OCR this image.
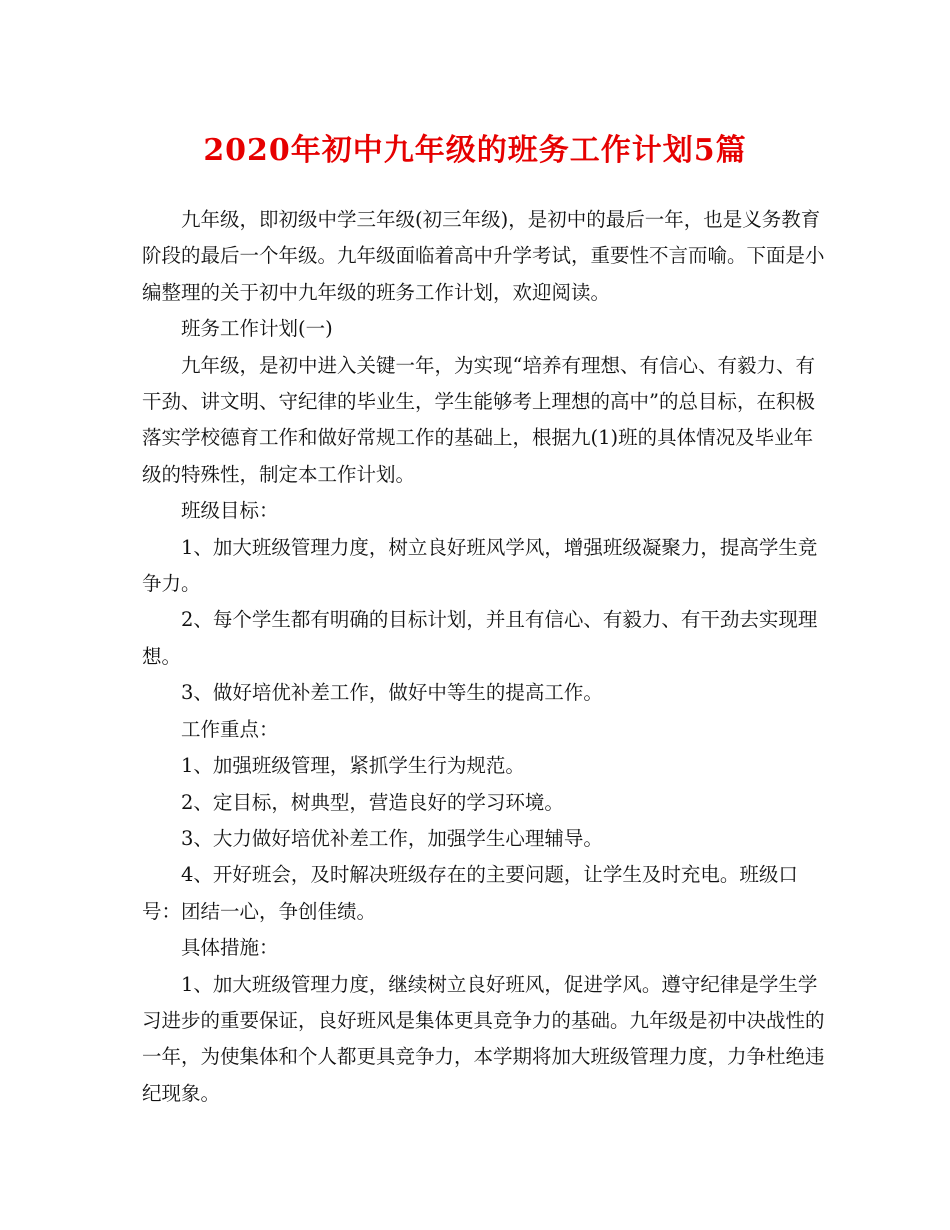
2020年初中九年级的班务工作计划5篇

九年级，即初级中学三年级(初三年级)，是初中的最后一年，也是义务教育阶段的最后一个年级。九年级面临着高中升学考试，重要性不言而喻。下面是小编整理的关于初中九年级的班务工作计划，欢迎阅读。

班务工作计划(一)

九年级，是初中进入关键一年，为实现“培养有理想、有信心、有毅力、有干劲、讲文明、守纪律的毕业生，学生能够考上理想的高中”的总目标，在积极落实学校德育工作和做好常规工作的基础上，根据九(1)班的具体情况及毕业年级的特殊性，制定本工作计划。

班级目标：

1、加大班级管理力度，树立良好班风学风，增强班级凝聚力，提高学生竞争力。

2、每个学生都有明确的目标计划，并且有信心、有毅力、有干劲去实现理想。

3、做好培优补差工作，做好中等生的提高工作。

工作重点：

1、加强班级管理，紧抓学生行为规范。

2、定目标，树典型，营造良好的学习环境。

3、大力做好培优补差工作，加强学生心理辅导。

4、开好班会，及时解决班级存在的主要问题，让学生及时充电。班级口号：团结一心，争创佳绩。

具体措施：

1、加大班级管理力度，继续树立良好班风，促进学风。遵守纪律是学生学习进步的重要保证，良好班风是集体更具竞争力的基础。九年级是初中决战性的一年，为使集体和个人都更具竞争力，本学期将加大班级管理力度，力争杜绝违纪现象。
